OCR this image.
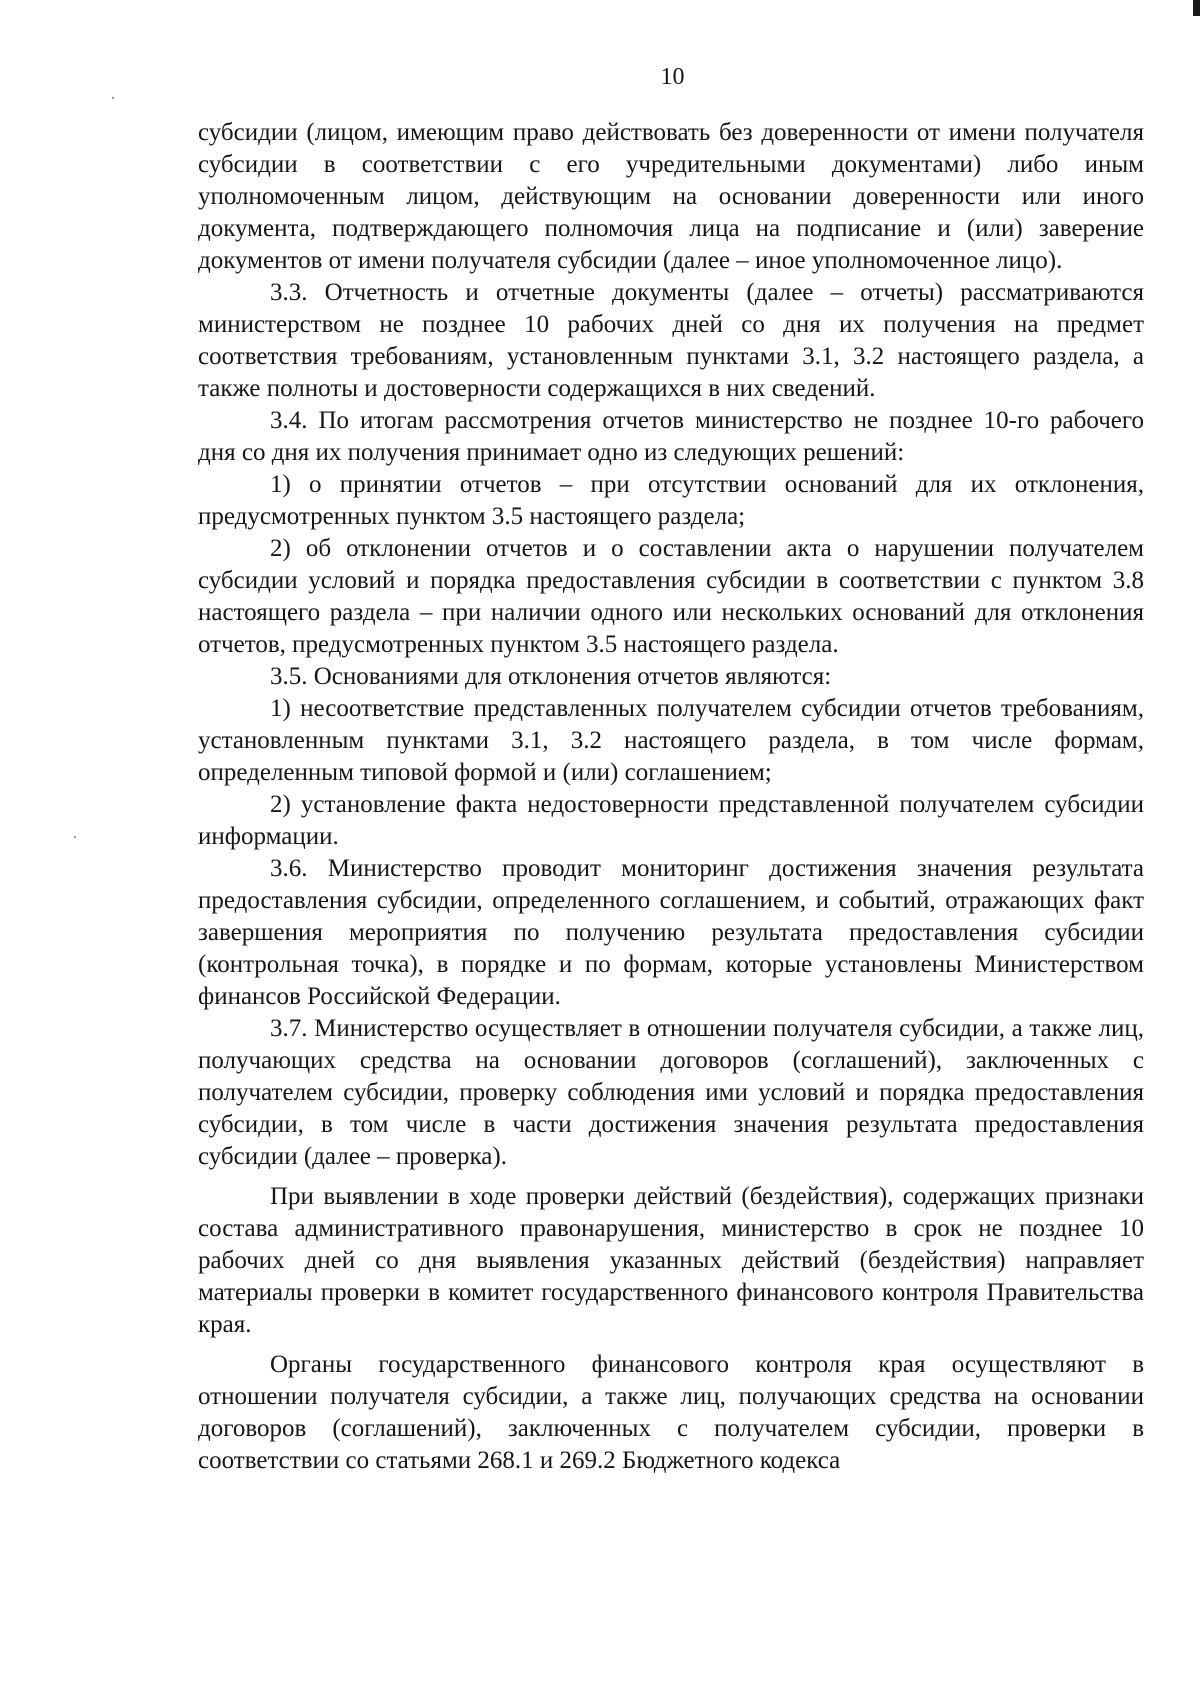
10

субсидии (лицом, имеющим право действовать без доверенности от имени получателя субсидии в соответствии с его учредительными документами) либо иным уполномоченным лицом, действующим на основании доверенности или иного документа, подтверждающего полномочия лица на подписание и (или) заверение документов от имени получателя субсидии (далее – иное уполномоченное лицо).

3.3. Отчетность и отчетные документы (далее – отчеты) рассматриваются министерством не позднее 10 рабочих дней со дня их получения на предмет соответствия требованиям, установленным пунктами 3.1, 3.2 настоящего раздела, а также полноты и достоверности содержащихся в них сведений.

3.4. По итогам рассмотрения отчетов министерство не позднее 10-го рабочего дня со дня их получения принимает одно из следующих решений:

1) о принятии отчетов – при отсутствии оснований для их отклонения, предусмотренных пунктом 3.5 настоящего раздела;

2) об отклонении отчетов и о составлении акта о нарушении получателем субсидии условий и порядка предоставления субсидии в соответствии с пунктом 3.8 настоящего раздела – при наличии одного или нескольких оснований для отклонения отчетов, предусмотренных пунктом 3.5 настоящего раздела.

3.5. Основаниями для отклонения отчетов являются:

1) несоответствие представленных получателем субсидии отчетов требованиям, установленным пунктами 3.1, 3.2 настоящего раздела, в том числе формам, определенным типовой формой и (или) соглашением;

2) установление факта недостоверности представленной получателем субсидии информации.

3.6. Министерство проводит мониторинг достижения значения результата предоставления субсидии, определенного соглашением, и событий, отражающих факт завершения мероприятия по получению результата предоставления субсидии (контрольная точка), в порядке и по формам, которые установлены Министерством финансов Российской Федерации.

3.7. Министерство осуществляет в отношении получателя субсидии, а также лиц, получающих средства на основании договоров (соглашений), заключенных с получателем субсидии, проверку соблюдения ими условий и порядка предоставления субсидии, в том числе в части достижения значения результата предоставления субсидии (далее – проверка).

При выявлении в ходе проверки действий (бездействия), содержащих признаки состава административного правонарушения, министерство в срок не позднее 10 рабочих дней со дня выявления указанных действий (бездействия) направляет материалы проверки в комитет государственного финансового контроля Правительства края.

Органы государственного финансового контроля края осуществляют в отношении получателя субсидии, а также лиц, получающих средства на основании договоров (соглашений), заключенных с получателем субсидии, проверки в соответствии со статьями 268.1 и 269.2 Бюджетного кодекса
